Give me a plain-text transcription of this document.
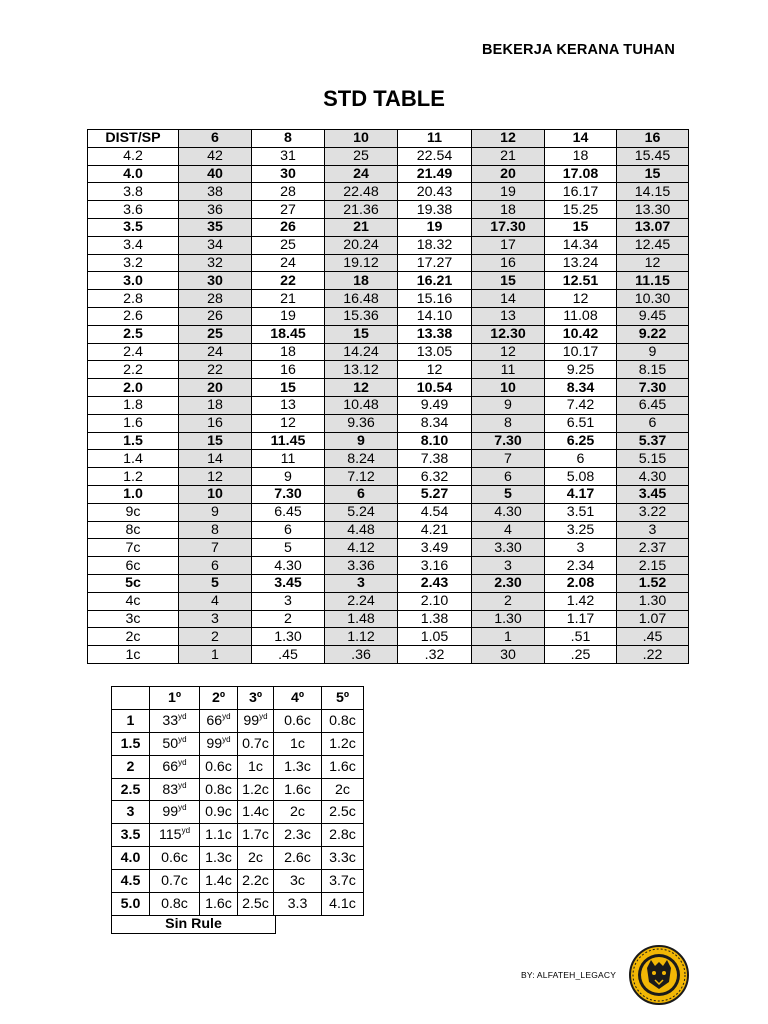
BEKERJA KERANA TUHAN
STD TABLE
DIST/SP	6	8	10	11	12	14	16
4.2	42	31	25	22.54	21	18	15.45
4.0	40	30	24	21.49	20	17.08	15
3.8	38	28	22.48	20.43	19	16.17	14.15
3.6	36	27	21.36	19.38	18	15.25	13.30
3.5	35	26	21	19	17.30	15	13.07
3.4	34	25	20.24	18.32	17	14.34	12.45
3.2	32	24	19.12	17.27	16	13.24	12
3.0	30	22	18	16.21	15	12.51	11.15
2.8	28	21	16.48	15.16	14	12	10.30
2.6	26	19	15.36	14.10	13	11.08	9.45
2.5	25	18.45	15	13.38	12.30	10.42	9.22
2.4	24	18	14.24	13.05	12	10.17	9
2.2	22	16	13.12	12	11	9.25	8.15
2.0	20	15	12	10.54	10	8.34	7.30
1.8	18	13	10.48	9.49	9	7.42	6.45
1.6	16	12	9.36	8.34	8	6.51	6
1.5	15	11.45	9	8.10	7.30	6.25	5.37
1.4	14	11	8.24	7.38	7	6	5.15
1.2	12	9	7.12	6.32	6	5.08	4.30
1.0	10	7.30	6	5.27	5	4.17	3.45
9c	9	6.45	5.24	4.54	4.30	3.51	3.22
8c	8	6	4.48	4.21	4	3.25	3
7c	7	5	4.12	3.49	3.30	3	2.37
6c	6	4.30	3.36	3.16	3	2.34	2.15
5c	5	3.45	3	2.43	2.30	2.08	1.52
4c	4	3	2.24	2.10	2	1.42	1.30
3c	3	2	1.48	1.38	1.30	1.17	1.07
2c	2	1.30	1.12	1.05	1	.51	.45
1c	1	.45	.36	.32	30	.25	.22
	1º	2º	3º	4º	5º
1	$33^{yd}$	$66^{yd}$	$99^{yd}$	0.6c	0.8c
1.5	$50^{yd}$	$99^{yd}$	0.7c	1c	1.2c
2	$66^{yd}$	0.6c	1c	1.3c	1.6c
2.5	$83^{yd}$	0.8c	1.2c	1.6c	2c
3	$99^{yd}$	0.9c	1.4c	2c	2.5c
3.5	$115^{yd}$	1.1c	1.7c	2.3c	2.8c
4.0	0.6c	1.3c	2c	2.6c	3.3c
4.5	0.7c	1.4c	2.2c	3c	3.7c
5.0	0.8c	1.6c	2.5c	3.3	4.1c
Sin Rule
BY: ALFATEH_LEGACY
